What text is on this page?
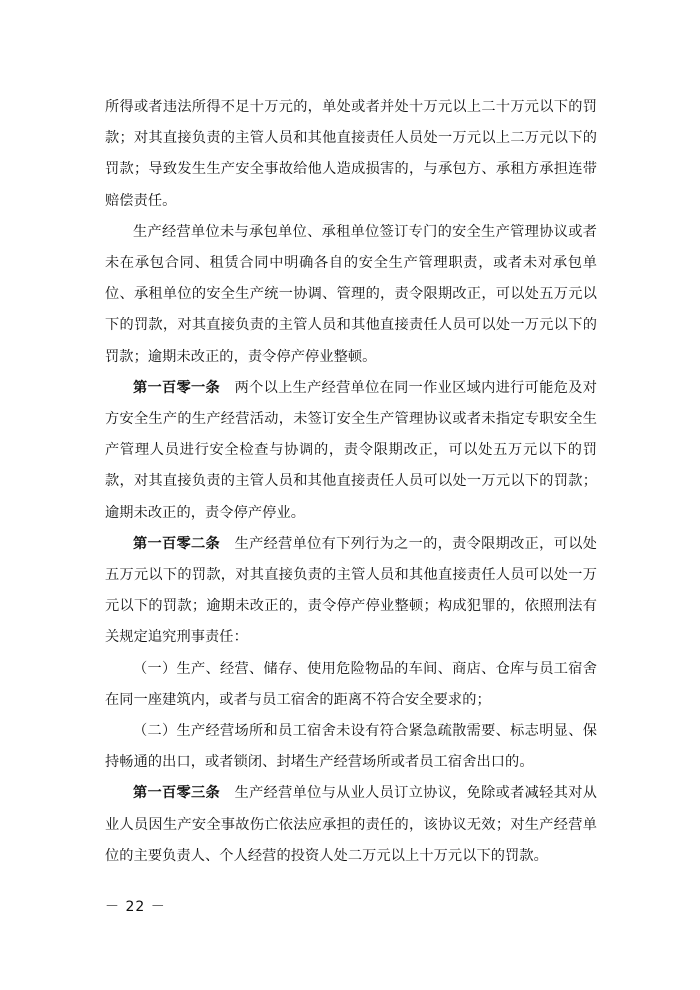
所得或者违法所得不足十万元的，单处或者并处十万元以上二十万元以下的罚款；对其直接负责的主管人员和其他直接责任人员处一万元以上二万元以下的罚款；导致发生生产安全事故给他人造成损害的，与承包方、承租方承担连带赔偿责任。

生产经营单位未与承包单位、承租单位签订专门的安全生产管理协议或者未在承包合同、租赁合同中明确各自的安全生产管理职责，或者未对承包单位、承租单位的安全生产统一协调、管理的，责令限期改正，可以处五万元以下的罚款，对其直接负责的主管人员和其他直接责任人员可以处一万元以下的罚款；逾期未改正的，责令停产停业整顿。

第一百零一条　 两个以上生产经营单位在同一作业区域内进行可能危及对方安全生产的生产经营活动，未签订安全生产管理协议或者未指定专职安全生产管理人员进行安全检查与协调的，责令限期改正，可以处五万元以下的罚款，对其直接负责的主管人员和其他直接责任人员可以处一万元以下的罚款；逾期未改正的，责令停产停业。

第一百零二条　 生产经营单位有下列行为之一的，责令限期改正，可以处五万元以下的罚款，对其直接负责的主管人员和其他直接责任人员可以处一万元以下的罚款；逾期未改正的，责令停产停业整顿；构成犯罪的，依照刑法有关规定追究刑事责任：

（一）生产、经营、储存、使用危险物品的车间、商店、仓库与员工宿舍在同一座建筑内，或者与员工宿舍的距离不符合安全要求的；

（二）生产经营场所和员工宿舍未设有符合紧急疏散需要、标志明显、保持畅通的出口，或者锁闭、封堵生产经营场所或者员工宿舍出口的。

第一百零三条　 生产经营单位与从业人员订立协议，免除或者减轻其对从业人员因生产安全事故伤亡依法应承担的责任的，该协议无效；对生产经营单位的主要负责人、个人经营的投资人处二万元以上十万元以下的罚款。

－ 22 －
